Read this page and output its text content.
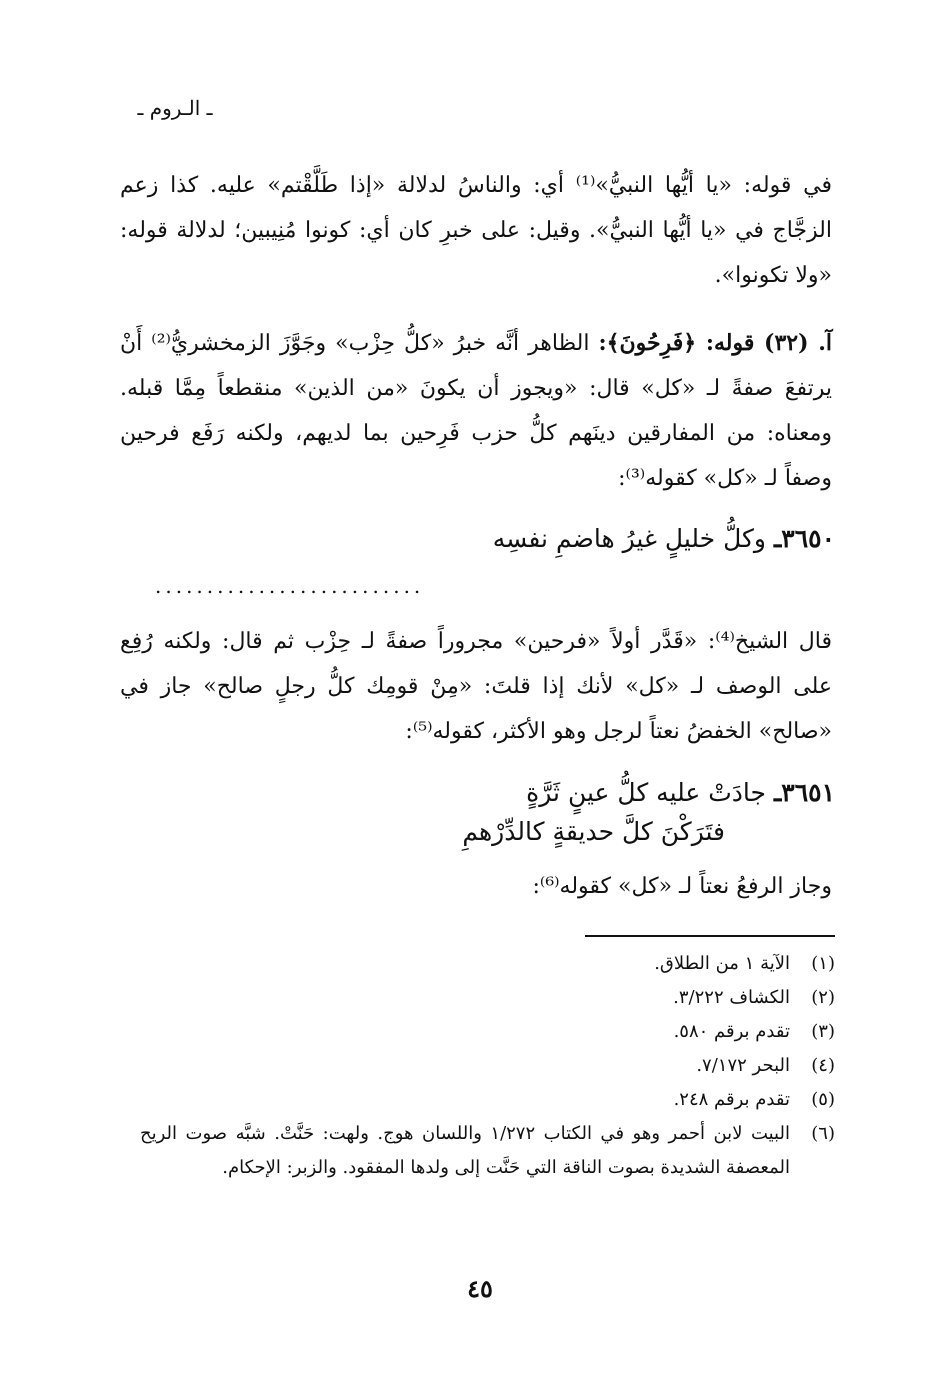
ـ الـروم ـ

في قوله: «يا أيُّها النبيُّ»⁽¹⁾ أي: والناسُ لدلالة «إذا طَلَّقْتم» عليه. كذا زعم الزجَّاج في «يا أيُّها النبيُّ». وقيل: على خبرِ كان أي: كونوا مُنِيبين؛ لدلالة قوله: «ولا تكونوا».

آ. (٣٢) قوله: ﴿فَرِحُونَ﴾: الظاهر أنَّه خبرُ «كلُّ حِزْب» وجَوَّزَ الزمخشريُّ⁽²⁾ أَنْ يرتفعَ صفةً لـ «كل» قال: «ويجوز أن يكونَ «من الذين» منقطعاً مِمَّا قبله. ومعناه: من المفارقين دينَهم كلُّ حزب فَرِحين بما لديهم، ولكنه رَفَع فرحين وصفاً لـ «كل» كقوله⁽³⁾:

٣٦٥٠ـ وكلُّ خليلٍ غيرُ هاضمِ نفسِه
..........................

قال الشيخ⁽⁴⁾: «قَدَّر أولاً «فرحين» مجروراً صفةً لـ حِزْب ثم قال: ولكنه رُفِع على الوصف لـ «كل» لأنك إذا قلتَ: «مِنْ قومِك كلُّ رجلٍ صالح» جاز في «صالح» الخفضُ نعتاً لرجل وهو الأكثر، كقوله⁽⁵⁾:

٣٦٥١ـ جادَتْ عليه كلُّ عينٍ ثَرَّةٍ
فتَرَكْنَ كلَّ حديقةٍ كالدِّرْهمِ

وجاز الرفعُ نعتاً لـ «كل» كقوله⁽⁶⁾:

(١)
الآية ١ من الطلاق.
(٢)
الكشاف ٣/٢٢٢.
(٣)
تقدم برقم ٥٨٠.
(٤)
البحر ٧/١٧٢.
(٥)
تقدم برقم ٢٤٨.
(٦)
البيت لابن أحمر وهو في الكتاب ١/٢٧٢ واللسان هوج. ولهت: حَنَّتْ. شبَّه صوت الريح المعصفة الشديدة بصوت الناقة التي حَنَّت إلى ولدها المفقود. والزبر: الإحكام.
٤٥
